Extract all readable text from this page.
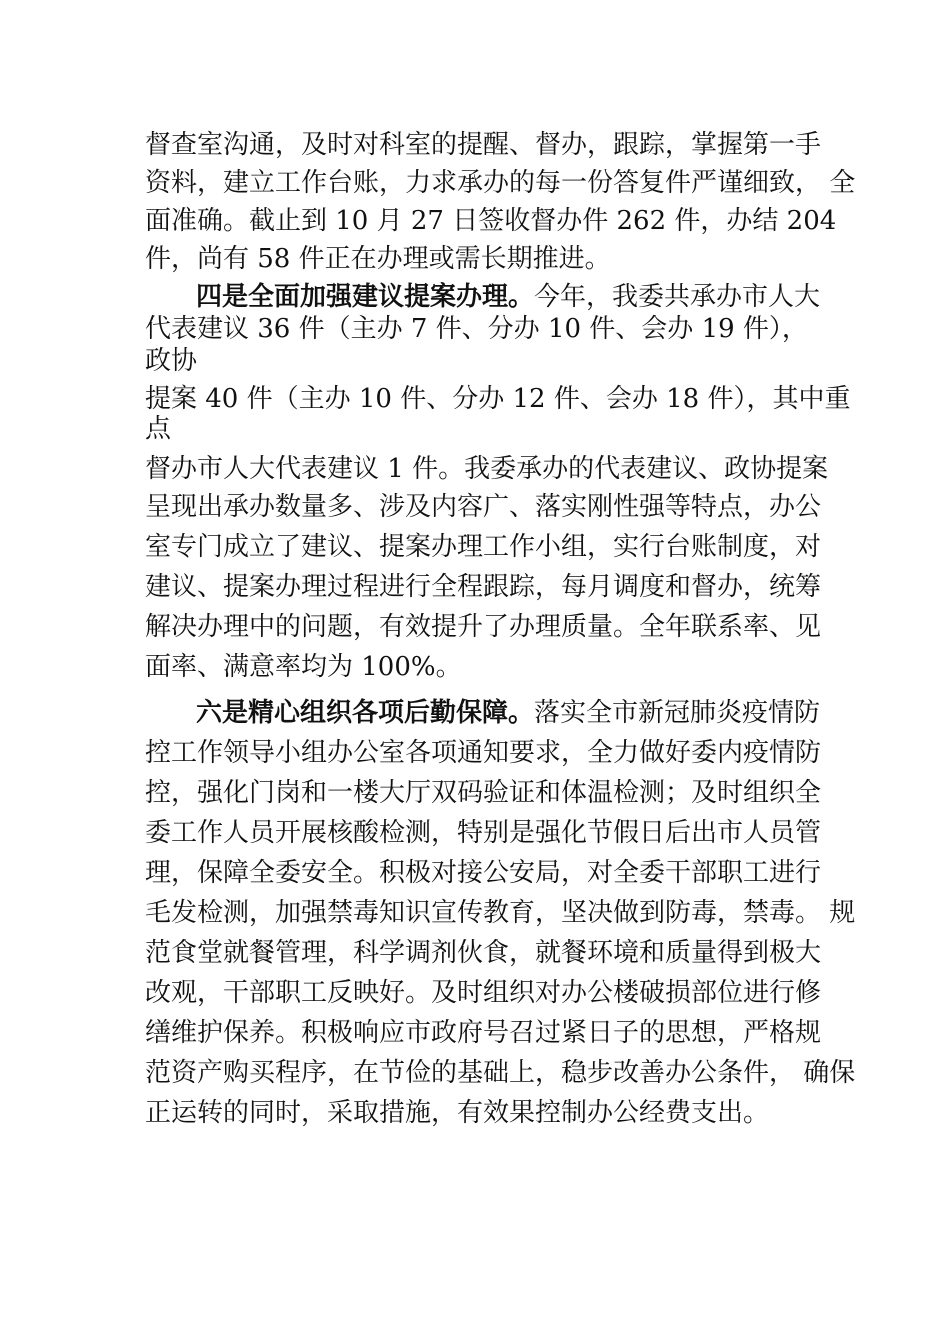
督查室沟通，及时对科室的提醒、督办，跟踪，掌握第一手
资料，建立工作台账，力求承办的每一份答复件严谨细致， 全
面准确。截止到 10 月 27 日签收督办件 262 件，办结 204
件，尚有 58 件正在办理或需长期推进。
四是全面加强建议提案办理。今年，我委共承办市人大
代表建议 36 件（主办 7 件、分办 10 件、会办 19 件），
政协
提案 40 件（主办 10 件、分办 12 件、会办 18 件），其中重
点
督办市人大代表建议 1 件。我委承办的代表建议、政协提案
呈现出承办数量多、涉及内容广、落实刚性强等特点，办公
室专门成立了建议、提案办理工作小组，实行台账制度，对
建议、提案办理过程进行全程跟踪，每月调度和督办，统筹
解决办理中的问题，有效提升了办理质量。全年联系率、见
面率、满意率均为 100%。
六是精心组织各项后勤保障。落实全市新冠肺炎疫情防
控工作领导小组办公室各项通知要求，全力做好委内疫情防
控，强化门岗和一楼大厅双码验证和体温检测；及时组织全
委工作人员开展核酸检测，特别是强化节假日后出市人员管
理，保障全委安全。积极对接公安局，对全委干部职工进行
毛发检测，加强禁毒知识宣传教育，坚决做到防毒，禁毒。 规
范食堂就餐管理，科学调剂伙食，就餐环境和质量得到极大
改观，干部职工反映好。及时组织对办公楼破损部位进行修
缮维护保养。积极响应市政府号召过紧日子的思想，严格规
范资产购买程序，在节俭的基础上，稳步改善办公条件， 确保
正运转的同时，采取措施，有效果控制办公经费支出。
